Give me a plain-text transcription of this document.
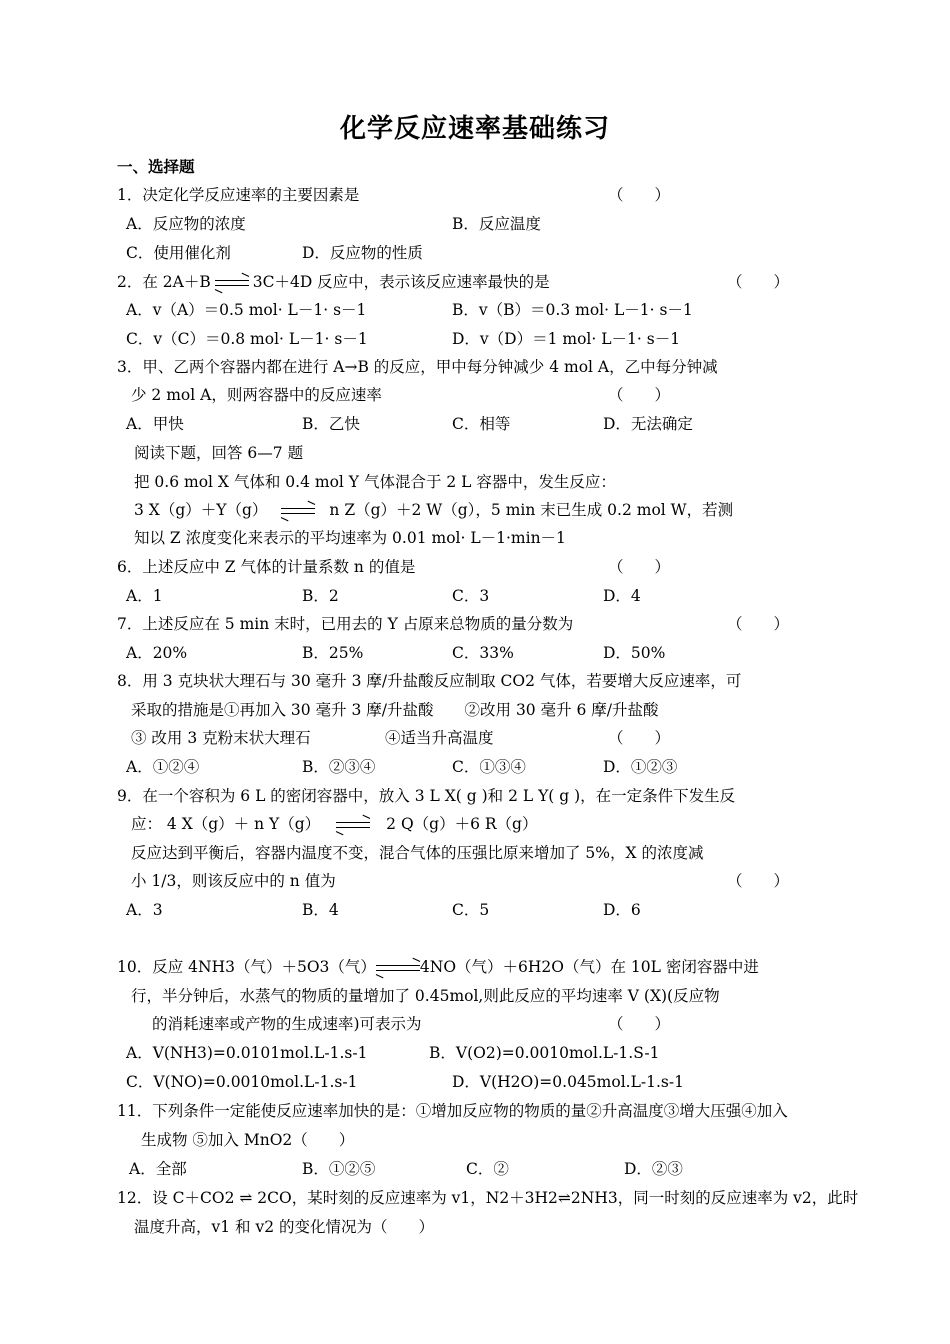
化学反应速率基础练习
一、选择题
1．决定化学反应速率的主要因素是	（　　）
A．反应物的浓度	B．反应温度
C．使用催化剂	D．反应物的性质
2．在 2A＋B	3C＋4D 反应中，表示该反应速率最快的是	（　　）
A．v（A）＝0.5 mol· L－1· s－1	B．v（B）＝0.3 mol· L－1· s－1
C．v（C）＝0.8 mol· L－1· s－1	D．v（D）＝1 mol· L－1· s－1
3．甲、乙两个容器内都在进行 A→B 的反应，甲中每分钟减少 4 mol A，乙中每分钟减
少 2 mol A，则两容器中的反应速率	（　　）
A．甲快	B．乙快	C．相等	D．无法确定
阅读下题，回答 6—7 题
把 0.6 mol X 气体和 0.4 mol Y 气体混合于 2 L 容器中，发生反应：
3 X（g）＋Y（g）	n Z（g）＋2 W（g），5 min 末已生成 0.2 mol W，若测
知以 Z 浓度变化来表示的平均速率为 0.01 mol· L－1·min－1
6．上述反应中 Z 气体的计量系数 n 的值是	（　　）
A．1	B．2	C．3	D．4
7．上述反应在 5 min 末时，已用去的 Y 占原来总物质的量分数为	（　　）
A．20%	B．25%	C．33%	D．50%
8．用 3 克块状大理石与 30 毫升 3 摩/升盐酸反应制取 CO2 气体，若要增大反应速率，可
采取的措施是①再加入 30 毫升 3 摩/升盐酸　　②改用 30 毫升 6 摩/升盐酸
③ 改用 3 克粉末状大理石	④适当升高温度	（　　）
A．①②④	B．②③④	C．①③④	D．①②③
9．在一个容积为 6 L 的密闭容器中，放入 3 L X( g )和 2 L Y( g )，在一定条件下发生反
应： 4 X（g）＋ n Y（g）	2 Q（g）＋6 R（g）
反应达到平衡后，容器内温度不变，混合气体的压强比原来增加了 5%，X 的浓度减
小 1/3，则该反应中的 n 值为	（　　）
A．3	B．4	C．5	D．6
10．反应 4NH3（气）＋5O3（气）	4NO（气）＋6H2O（气）在 10L 密闭容器中进
行，半分钟后，水蒸气的物质的量增加了 0.45mol,则此反应的平均速率 V (X)(反应物
的消耗速率或产物的生成速率)可表示为	（　　）
A．V(NH3)=0.0101mol.L-1.s-1	B．V(O2)=0.0010mol.L-1.S-1
C．V(NO)=0.0010mol.L-1.s-1	D．V(H2O)=0.045mol.L-1.s-1
11．下列条件一定能使反应速率加快的是：①增加反应物的物质的量②升高温度③增大压强④加入
生成物 ⑤加入 MnO2（　　）
A．全部	B．①②⑤	C．②	D．②③
12．设 C＋CO2 ⇌ 2CO，某时刻的反应速率为 v1，N2＋3H2⇌2NH3，同一时刻的反应速率为 v2，此时
温度升高，v1 和 v2 的变化情况为（　　）
